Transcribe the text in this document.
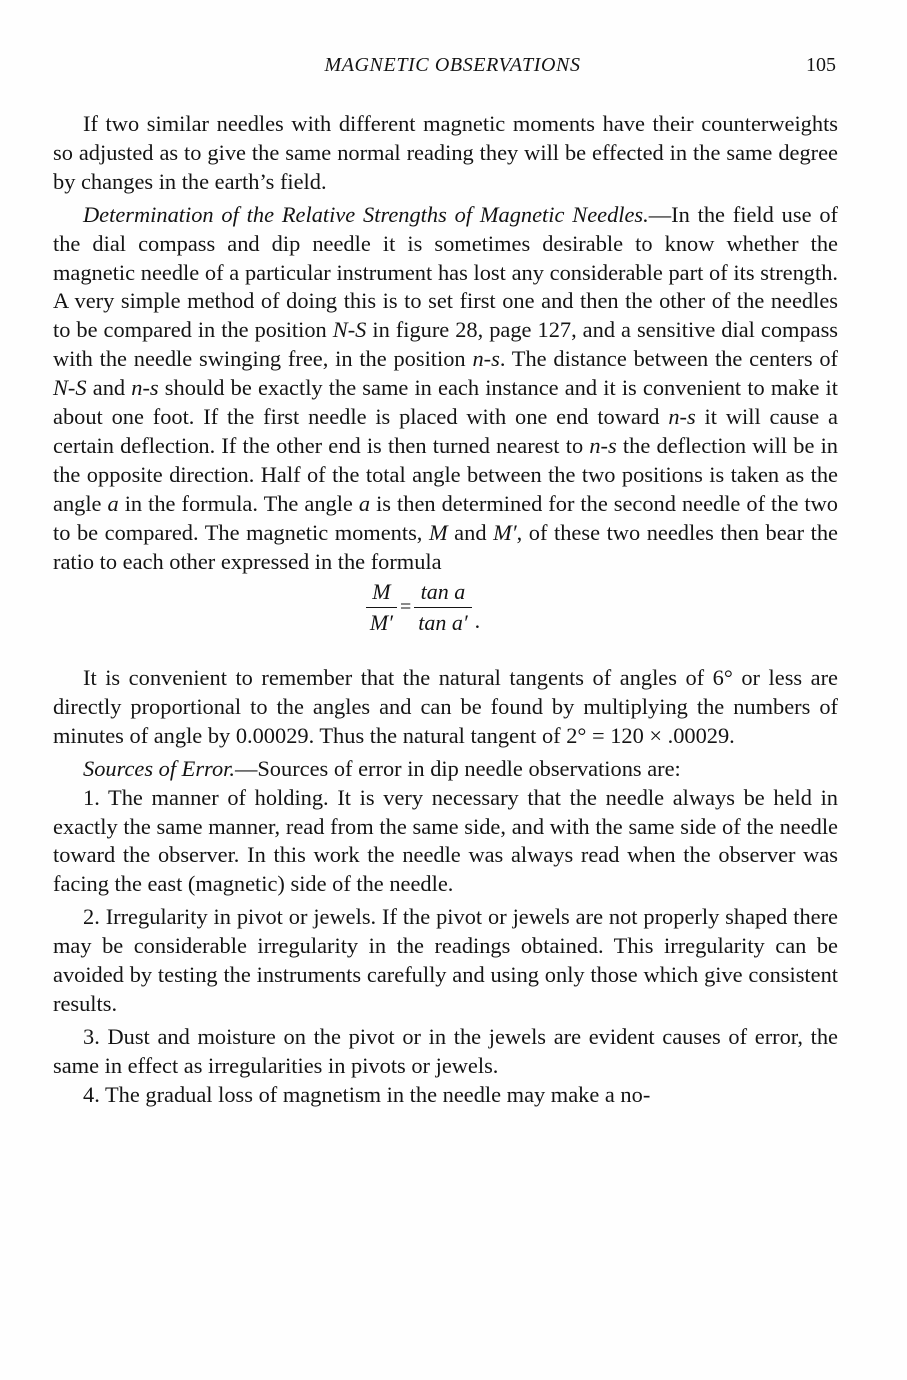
MAGNETIC OBSERVATIONS	105

If two similar needles with different magnetic moments have their counterweights so adjusted as to give the same normal reading they will be effected in the same degree by changes in the earth’s field.

Determination of the Relative Strengths of Magnetic Needles.—In the field use of the dial compass and dip needle it is sometimes desirable to know whether the magnetic needle of a particular instrument has lost any considerable part of its strength. A very simple method of doing this is to set first one and then the other of the needles to be compared in the position N-S in figure 28, page 127, and a sensitive dial compass with the needle swinging free, in the position n-s. The distance between the centers of N-S and n-s should be exactly the same in each instance and it is convenient to make it about one foot. If the first needle is placed with one end toward n-s it will cause a certain deflection. If the other end is then turned nearest to n-s the deflection will be in the opposite direction. Half of the total angle between the two positions is taken as the angle a in the formula. The angle a is then determined for the second needle of the two to be compared. The magnetic moments, M and M′, of these two needles then bear the ratio to each other expressed in the formula

$\frac{M}{M'} = \frac{\text{tan a}}{\text{tan a′}}$ .

It is convenient to remember that the natural tangents of angles of 6° or less are directly proportional to the angles and can be found by multiplying the numbers of minutes of angle by 0.00029. Thus the natural tangent of 2° = 120 × .00029.

Sources of Error.—Sources of error in dip needle observations are:

1. The manner of holding. It is very necessary that the needle always be held in exactly the same manner, read from the same side, and with the same side of the needle toward the observer. In this work the needle was always read when the observer was facing the east (magnetic) side of the needle.

2. Irregularity in pivot or jewels. If the pivot or jewels are not properly shaped there may be considerable irregularity in the readings obtained. This irregularity can be avoided by testing the instruments carefully and using only those which give consistent results.

3. Dust and moisture on the pivot or in the jewels are evident causes of error, the same in effect as irregularities in pivots or jewels.

4. The gradual loss of magnetism in the needle may make a no-
